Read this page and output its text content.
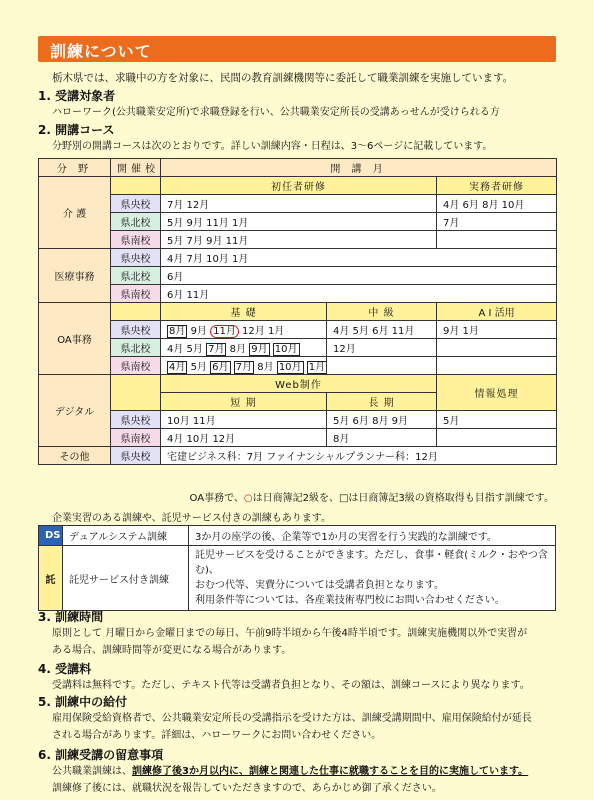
訓練について
栃木県では、求職中の方を対象に、民間の教育訓練機関等に委託して職業訓練を実施しています。
1. 受講対象者
ハローワーク(公共職業安定所)で求職登録を行い、公共職業安定所長の受講あっせんが受けられる方
2. 開講コース
分野別の開講コースは次のとおりです。詳しい訓練内容・日程は、3～6ページに記載しています。
分 野	開催校	開 講 月		
介 護		初任者研修		実務者研修
	県央校	7月 12月		4月 6月 8月 10月
	県北校	5月 9月 11月 1月		7月
	県南校	5月 7月 9月 11月		
医療事務	県央校	4月 7月 10月 1月		
	県北校	6月		
	県南校	6月 11月		
OA事務		基 礎	中 級	A I 活用
	県央校	8月 9月 11月 12月 1月	4月 5月 6月 11月	9月 1月
	県北校	4月 5月 7月 8月 9月 10月	12月	
	県南校	4月 5月 6月 7月 8月 10月 1月		
デジタル		Web制作		情報処理
		短 期	長 期	
	県央校	10月 11月	5月 6月 8月 9月	5月
	県南校	4月 10月 12月	8月	
その他	県央校	宅建ビジネス科：7月 ファイナンシャルプランナー科：12月		
OA事務で、○は日商簿記2級を、□は日商簿記3級の資格取得も目指す訓練です。
企業実習のある訓練や、託児サービス付きの訓練もあります。
DS	デュアルシステム訓練	3か月の座学の後、企業等で1か月の実習を行う実践的な訓練です。
託	託児サービス付き訓練	託児サービスを受けることができます。ただし、食事・軽食(ミルク・おやつ含む)、
おむつ代等、実費分については受講者負担となります。
利用条件等については、各産業技術専門校にお問い合わせください。
3. 訓練時間
原則として 月曜日から金曜日までの毎日、午前9時半頃から午後4時半頃です。訓練実施機関以外で実習が
ある場合、訓練時間等が変更になる場合があります。
4. 受講料
受講料は無料です。ただし、テキスト代等は受講者負担となり、その額は、訓練コースにより異なります。
5. 訓練中の給付
雇用保険受給資格者で、公共職業安定所長の受講指示を受けた方は、訓練受講期間中、雇用保険給付が延長
される場合があります。詳細は、ハローワークにお問い合わせください。
6. 訓練受講の留意事項
公共職業訓練は、訓練修了後3か月以内に、訓練と関連した仕事に就職することを目的に実施しています。
訓練修了後には、就職状況を報告していただきますので、あらかじめ御了承ください。
